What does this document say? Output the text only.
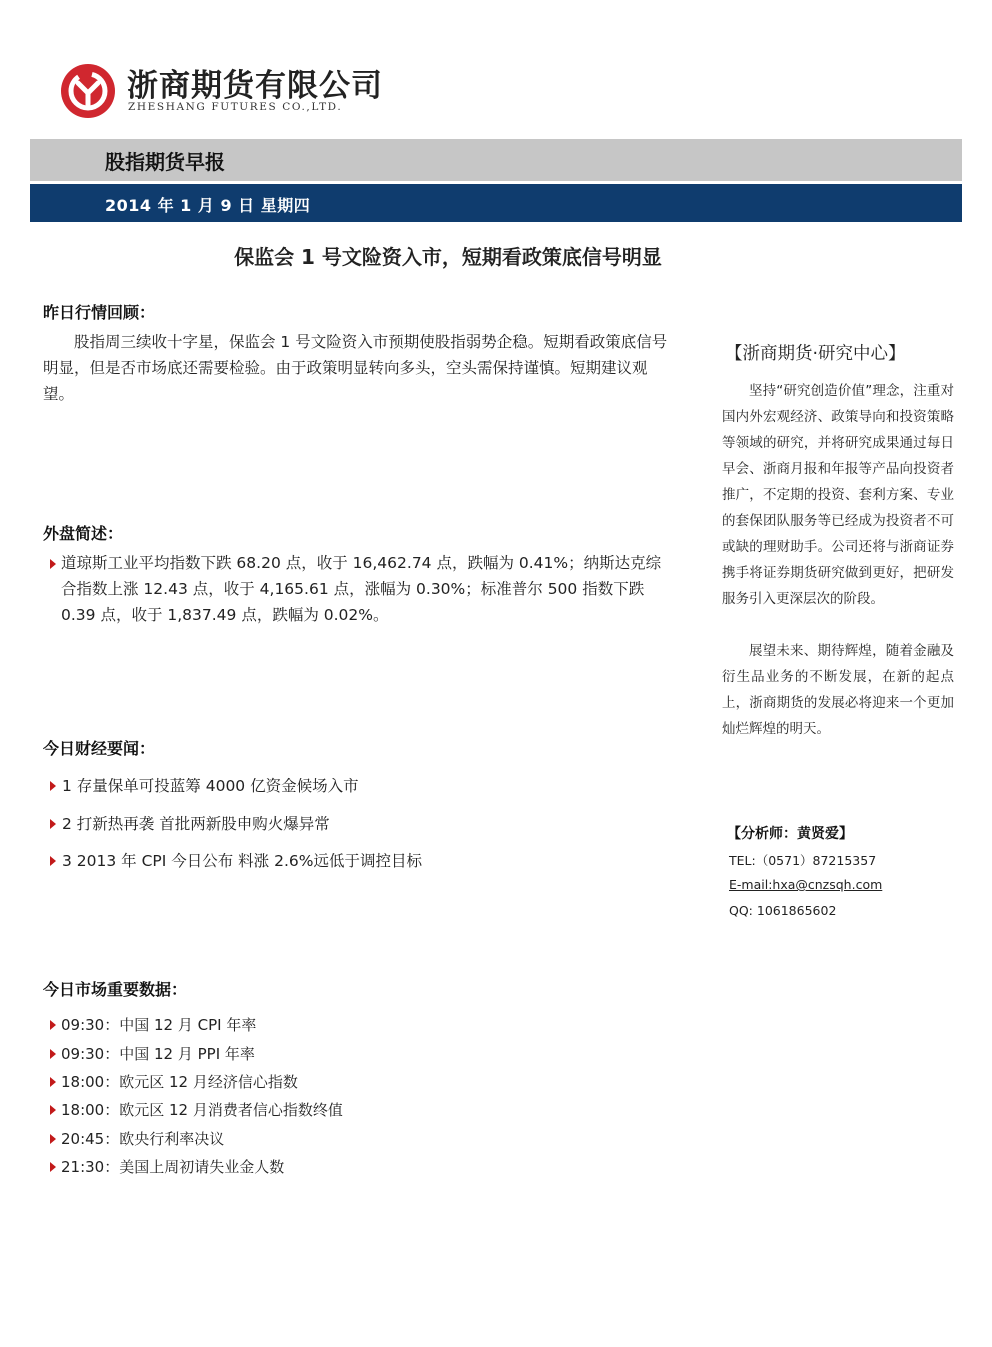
浙商期货有限公司
ZHESHANG FUTURES CO.,LTD.
股指期货早报
2014 年 1 月 9 日 星期四
保监会 1 号文险资入市，短期看政策底信号明显
昨日行情回顾：

股指周三续收十字星，保监会 1 号文险资入市预期使股指弱势企稳。短期看政策底信号明显，但是否市场底还需要检验。由于政策明显转向多头，空头需保持谨慎。短期建议观望。

外盘简述：
道琼斯工业平均指数下跌 68.20 点，收于 16,462.74 点，跌幅为 0.41%；纳斯达克综合指数上涨 12.43 点，收于 4,165.61 点，涨幅为 0.30%；标准普尔 500 指数下跌 0.39 点，收于 1,837.49 点，跌幅为 0.02%。
今日财经要闻：
1 存量保单可投蓝筹 4000 亿资金候场入市
2 打新热再袭 首批两新股申购火爆异常
3 2013 年 CPI 今日公布 料涨 2.6%远低于调控目标
今日市场重要数据：
09:30：中国 12 月 CPI 年率
09:30：中国 12 月 PPI 年率
18:00：欧元区 12 月经济信心指数
18:00：欧元区 12 月消费者信心指数终值
20:45：欧央行利率决议
21:30：美国上周初请失业金人数
【浙商期货·研究中心】

坚持“研究创造价值”理念，注重对国内外宏观经济、政策导向和投资策略等领域的研究，并将研究成果通过每日早会、浙商月报和年报等产品向投资者推广，不定期的投资、套利方案、专业的套保团队服务等已经成为投资者不可或缺的理财助手。公司还将与浙商证券携手将证券期货研究做到更好，把研发服务引入更深层次的阶段。

展望未来、期待辉煌，随着金融及衍生品业务的不断发展，在新的起点上，浙商期货的发展必将迎来一个更加灿烂辉煌的明天。

【分析师：黄贤爱】
TEL:（0571）87215357
E-mail:hxa@cnzsqh.com
QQ: 1061865602
